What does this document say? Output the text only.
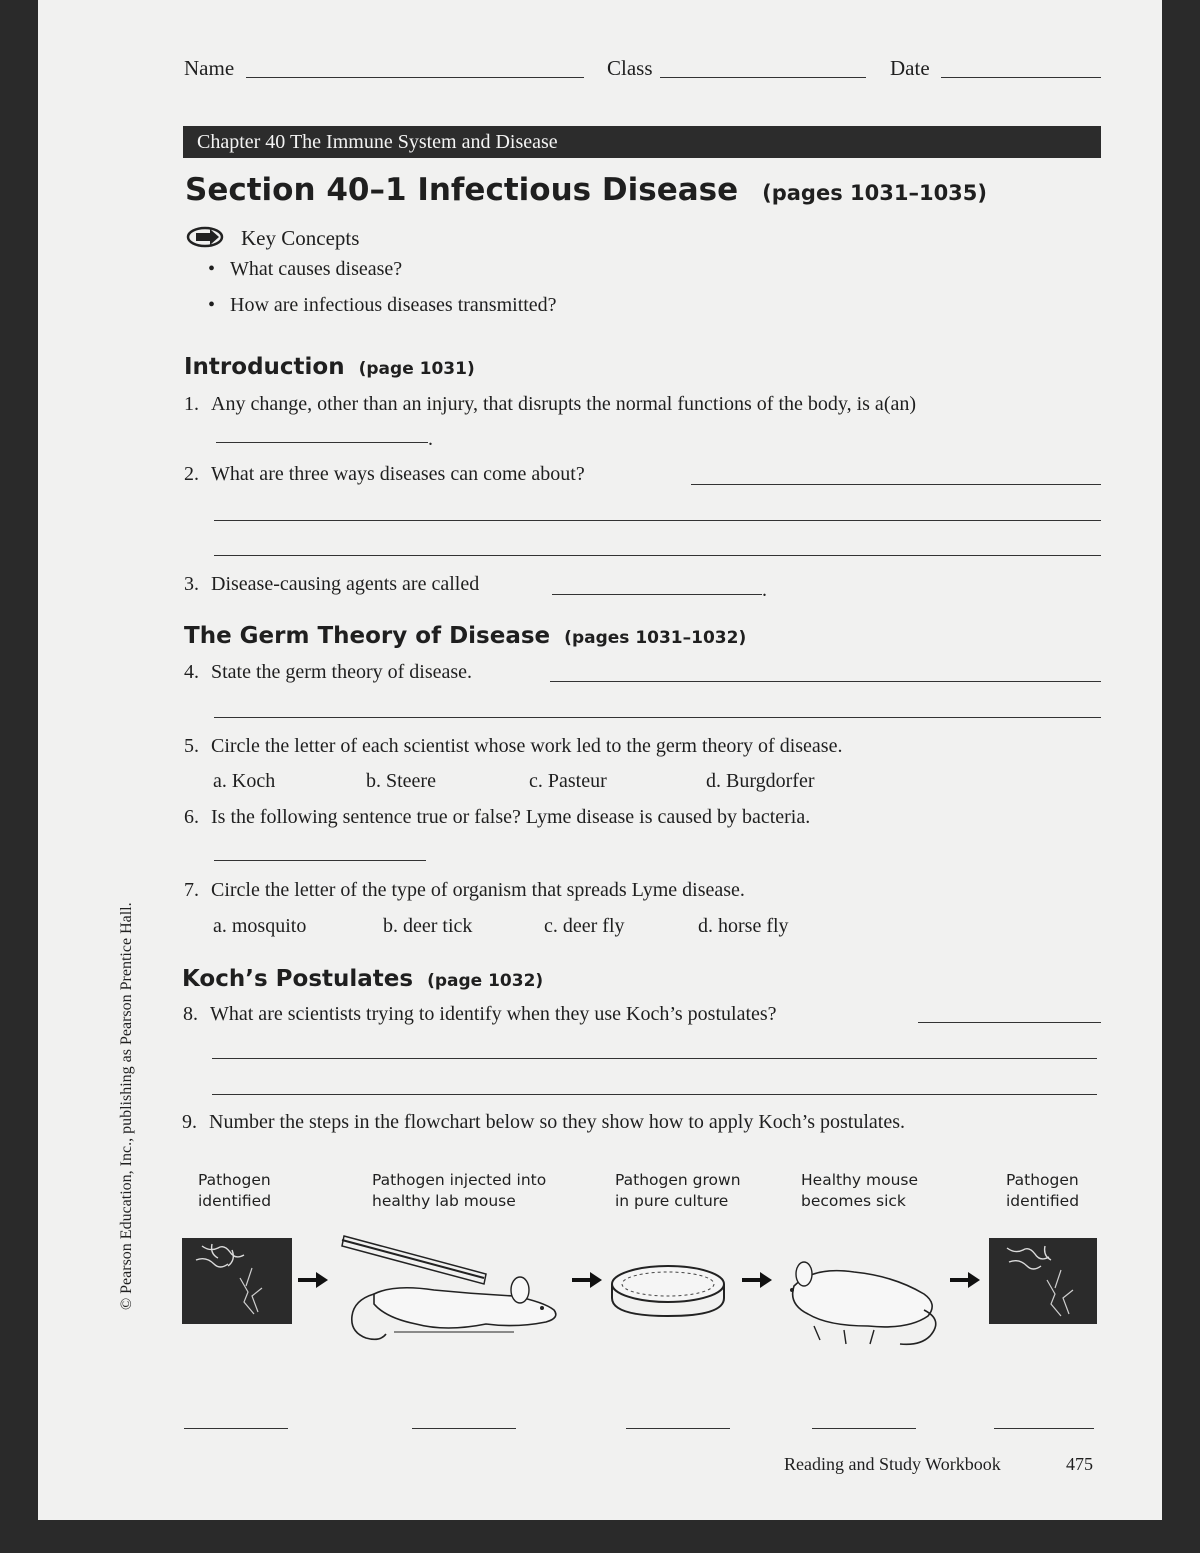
Name	Class	Date
Chapter 40 The Immune System and Disease
Section 40–1 Infectious Disease (pages 1031–1035)
Key Concepts
• What causes disease?
• How are infectious diseases transmitted?
Introduction (page 1031)
1. Any change, other than an injury, that disrupts the normal functions of the body, is a(an)
.
2. What are three ways diseases can come about?
3. Disease-causing agents are called	.
The Germ Theory of Disease (pages 1031–1032)
4. State the germ theory of disease.
5. Circle the letter of each scientist whose work led to the germ theory of disease.
a. Koch	b. Steere	c. Pasteur	d. Burgdorfer
6. Is the following sentence true or false? Lyme disease is caused by bacteria.
7. Circle the letter of the type of organism that spreads Lyme disease.
a. mosquito	b. deer tick	c. deer fly	d. horse fly
Koch’s Postulates (page 1032)
8. What are scientists trying to identify when they use Koch’s postulates?
9. Number the steps in the flowchart below so they show how to apply Koch’s postulates.
Pathogen
identified
Pathogen injected into
healthy lab mouse
Pathogen grown
in pure culture
Healthy mouse
becomes sick
Pathogen
identified
Reading and Study Workbook	475
© Pearson Education, Inc., publishing as Pearson Prentice Hall.
